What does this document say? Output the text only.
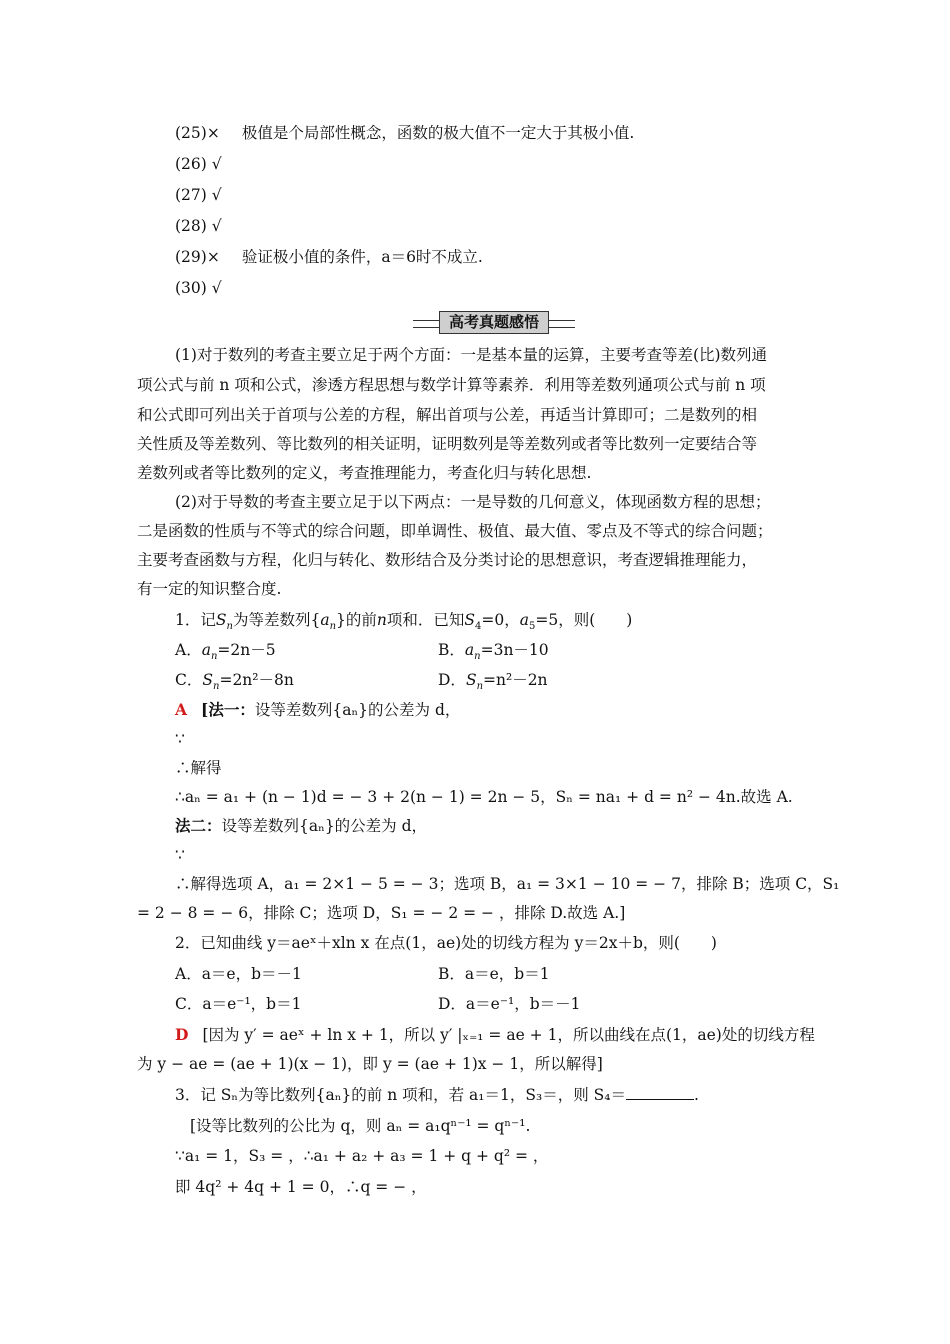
(25)× 极值是个局部性概念，函数的极大值不一定大于其极小值.
(26) √
(27) √
(28) √
(29)× 验证极小值的条件，a＝6时不成立.
(30) √
高考真题感悟
(1)对于数列的考查主要立足于两个方面：一是基本量的运算，主要考查等差(比)数列通
项公式与前 n 项和公式，渗透方程思想与数学计算等素养．利用等差数列通项公式与前 n 项
和公式即可列出关于首项与公差的方程，解出首项与公差，再适当计算即可；二是数列的相
关性质及等差数列、等比数列的相关证明，证明数列是等差数列或者等比数列一定要结合等
差数列或者等比数列的定义，考查推理能力，考查化归与转化思想.
(2)对于导数的考查主要立足于以下两点：一是导数的几何意义，体现函数方程的思想；
二是函数的性质与不等式的综合问题，即单调性、极值、最大值、零点及不等式的综合问题；
主要考查函数与方程，化归与转化、数形结合及分类讨论的思想意识，考查逻辑推理能力，
有一定的知识整合度.
1．记$S_n$为等差数列$\{a_n\}$的前n项和．已知$S_4=0$，$a_5=5$，则(　　)
A．$a_n=2n-5$	B．$a_n=3n-10$
C．$S_n=2n^2-8n$	D．$S_n=n^2-2n$
A [法一：设等差数列{aₙ}的公差为 d，
∵
∴解得
∴aₙ = a₁ + (n − 1)d = − 3 + 2(n − 1) = 2n − 5，Sₙ = na₁ + d = n² − 4n.故选 A.
法二：设等差数列{aₙ}的公差为 d，
∵
∴解得选项 A，a₁ = 2×1 − 5 = − 3；选项 B，a₁ = 3×1 − 10 = − 7，排除 B；选项 C，S₁
= 2 − 8 = − 6，排除 C；选项 D，S₁ = − 2 = − ，排除 D.故选 A.]
2．已知曲线 y＝aeˣ＋xln x 在点(1，ae)处的切线方程为 y＝2x＋b，则(　　)
A．a＝e，b＝－1	B．a＝e，b＝1
C．a＝e⁻¹，b＝1	D．a＝e⁻¹，b＝－1
D [因为 y′ = aeˣ + ln x + 1，所以 y′ |ₓ₌₁ = ae + 1，所以曲线在点(1，ae)处的切线方程
为 y − ae = (ae + 1)(x − 1)，即 y = (ae + 1)x − 1，所以解得]
3．记 Sₙ为等比数列{aₙ}的前 n 项和，若 a₁＝1，S₃＝，则 S₄＝	.
[设等比数列的公比为 q，则 aₙ = a₁qⁿ⁻¹ = qⁿ⁻¹.
∵a₁ = 1，S₃ = ，∴a₁ + a₂ + a₃ = 1 + q + q² = ，
即 4q² + 4q + 1 = 0，∴q = − ，
